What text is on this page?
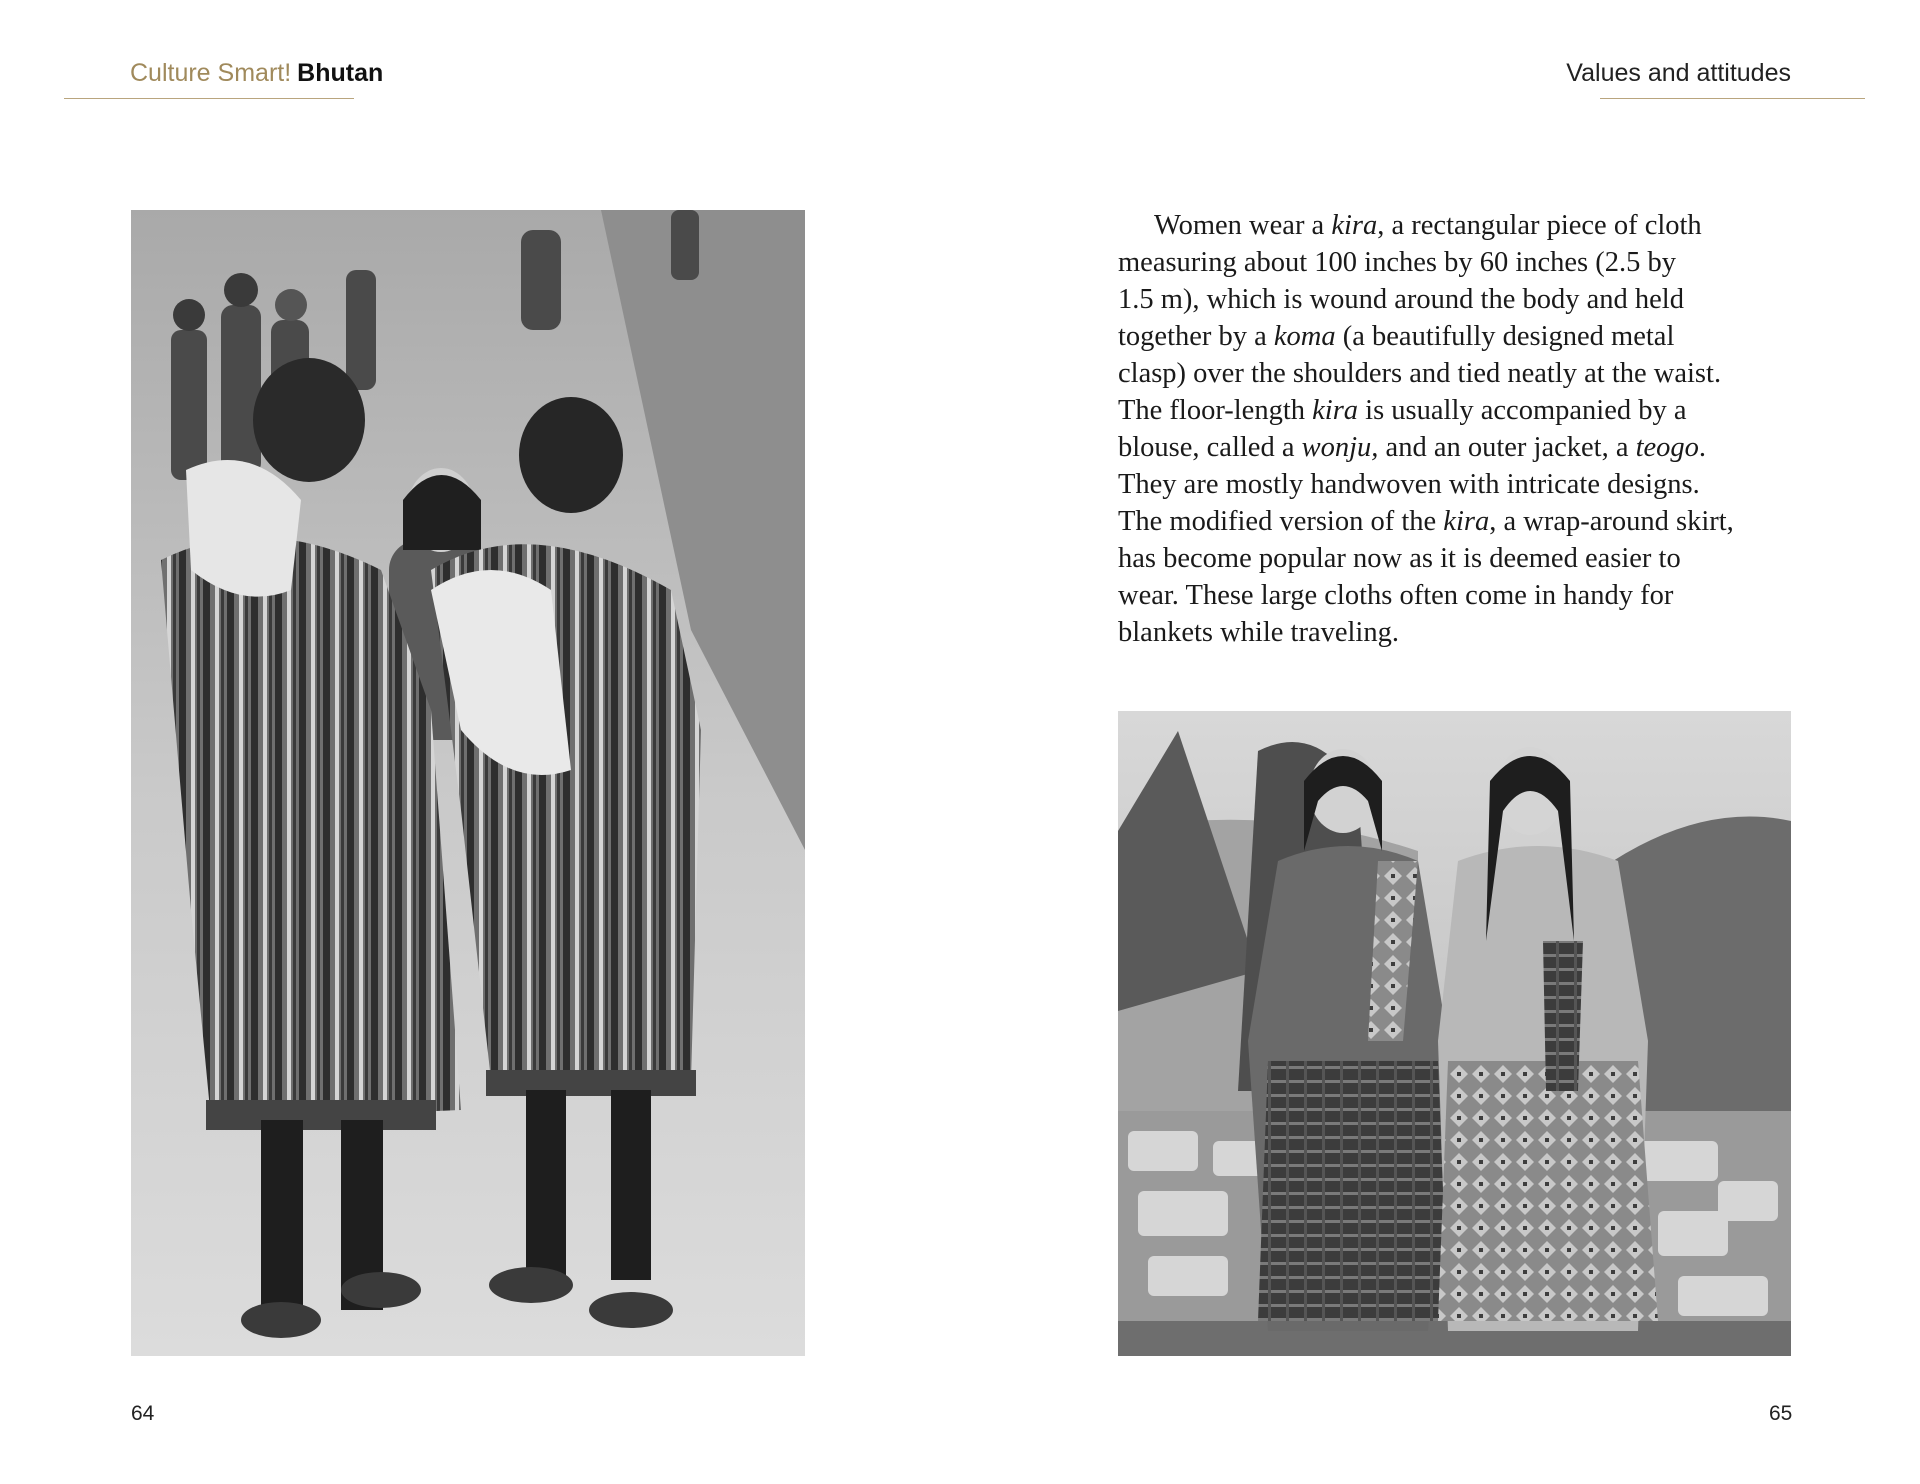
Culture Smart! Bhutan	Values and attitudes

Women wear a kira, a rectangular piece of cloth
measuring about 100 inches by 60 inches (2.5 by
1.5 m), which is wound around the body and held
together by a koma (a beautifully designed metal
clasp) over the shoulders and tied neatly at the waist.
The floor-length kira is usually accompanied by a
blouse, called a wonju, and an outer jacket, a teogo.
They are mostly handwoven with intricate designs.
The modified version of the kira, a wrap-around skirt,
has become popular now as it is deemed easier to
wear. These large cloths often come in handy for
blankets while traveling.

64	65
